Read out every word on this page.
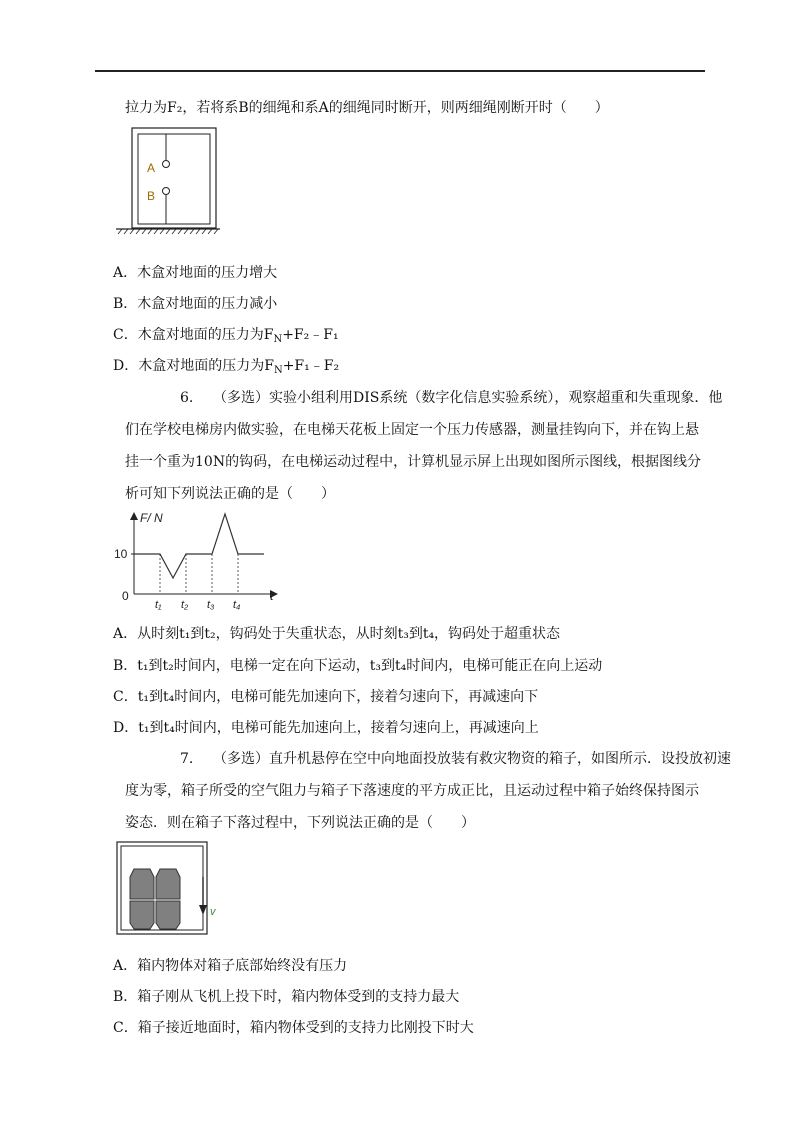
拉力为F₂，若将系B的细绳和系A的细绳同时断开，则两细绳刚断开时（　　）
A
B
A．木盒对地面的压力增大
B．木盒对地面的压力减小
C．木盒对地面的压力为$F_N+F_2﹣F_1$
D．木盒对地面的压力为$F_N+F_1﹣F_2$
6. （多选）实验小组利用DIS系统（数字化信息实验系统），观察超重和失重现象．他
们在学校电梯房内做实验，在电梯天花板上固定一个压力传感器，测量挂钩向下，并在钩上悬
挂一个重为10N的钩码，在电梯运动过程中，计算机显示屏上出现如图所示图线，根据图线分
析可知下列说法正确的是（　　）
F/ N
0
10
t
t₁ t₂ t₃ t₄
A．从时刻t₁到t₂，钩码处于失重状态，从时刻t₃到t₄，钩码处于超重状态
B．t₁到t₂时间内，电梯一定在向下运动，t₃到t₄时间内，电梯可能正在向上运动
C．t₁到t₄时间内，电梯可能先加速向下，接着匀速向下，再减速向下
D．t₁到t₄时间内，电梯可能先加速向上，接着匀速向上，再减速向上
7. （多选）直升机悬停在空中向地面投放装有救灾物资的箱子，如图所示．设投放初速
度为零，箱子所受的空气阻力与箱子下落速度的平方成正比，且运动过程中箱子始终保持图示
姿态．则在箱子下落过程中，下列说法正确的是（　　）
v
A．箱内物体对箱子底部始终没有压力
B．箱子刚从飞机上投下时，箱内物体受到的支持力最大
C．箱子接近地面时，箱内物体受到的支持力比刚投下时大
